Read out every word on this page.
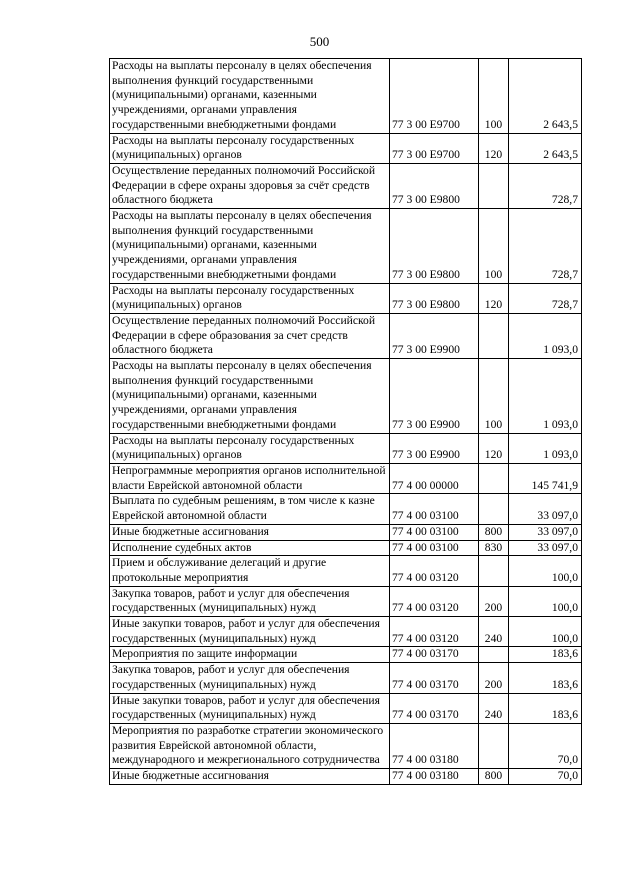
500
Расходы на выплаты персоналу в целях обеспечения выполнения функций государственными (муниципальными) органами, казенными учреждениями, органами управления государственными внебюджетными фондами	77 3 00 Е9700	100	2 643,5
Расходы на выплаты персоналу государственных (муниципальных) органов	77 3 00 Е9700	120	2 643,5
Осуществление переданных полномочий Российской Федерации в сфере охраны здоровья за счёт средств областного бюджета	77 3 00 Е9800		728,7
Расходы на выплаты персоналу в целях обеспечения выполнения функций государственными (муниципальными) органами, казенными учреждениями, органами управления государственными внебюджетными фондами	77 3 00 Е9800	100	728,7
Расходы на выплаты персоналу государственных (муниципальных) органов	77 3 00 Е9800	120	728,7
Осуществление переданных полномочий Российской Федерации в сфере образования за счет средств областного бюджета	77 3 00 Е9900		1 093,0
Расходы на выплаты персоналу в целях обеспечения выполнения функций государственными (муниципальными) органами, казенными учреждениями, органами управления государственными внебюджетными фондами	77 3 00 Е9900	100	1 093,0
Расходы на выплаты персоналу государственных (муниципальных) органов	77 3 00 Е9900	120	1 093,0
Непрограммные мероприятия органов исполнительной власти Еврейской автономной области	77 4 00 00000		145 741,9
Выплата по судебным решениям, в том числе к казне Еврейской автономной области	77 4 00 03100		33 097,0
Иные бюджетные ассигнования	77 4 00 03100	800	33 097,0
Исполнение судебных актов	77 4 00 03100	830	33 097,0
Прием и обслуживание делегаций и другие протокольные мероприятия	77 4 00 03120		100,0
Закупка товаров, работ и услуг для обеспечения государственных (муниципальных) нужд	77 4 00 03120	200	100,0
Иные закупки товаров, работ и услуг для обеспечения государственных (муниципальных) нужд	77 4 00 03120	240	100,0
Мероприятия по защите информации	77 4 00 03170		183,6
Закупка товаров, работ и услуг для обеспечения государственных (муниципальных) нужд	77 4 00 03170	200	183,6
Иные закупки товаров, работ и услуг для обеспечения государственных (муниципальных) нужд	77 4 00 03170	240	183,6
Мероприятия по разработке стратегии экономического развития Еврейской автономной области, международного и межрегионального сотрудничества	77 4 00 03180		70,0
Иные бюджетные ассигнования	77 4 00 03180	800	70,0
